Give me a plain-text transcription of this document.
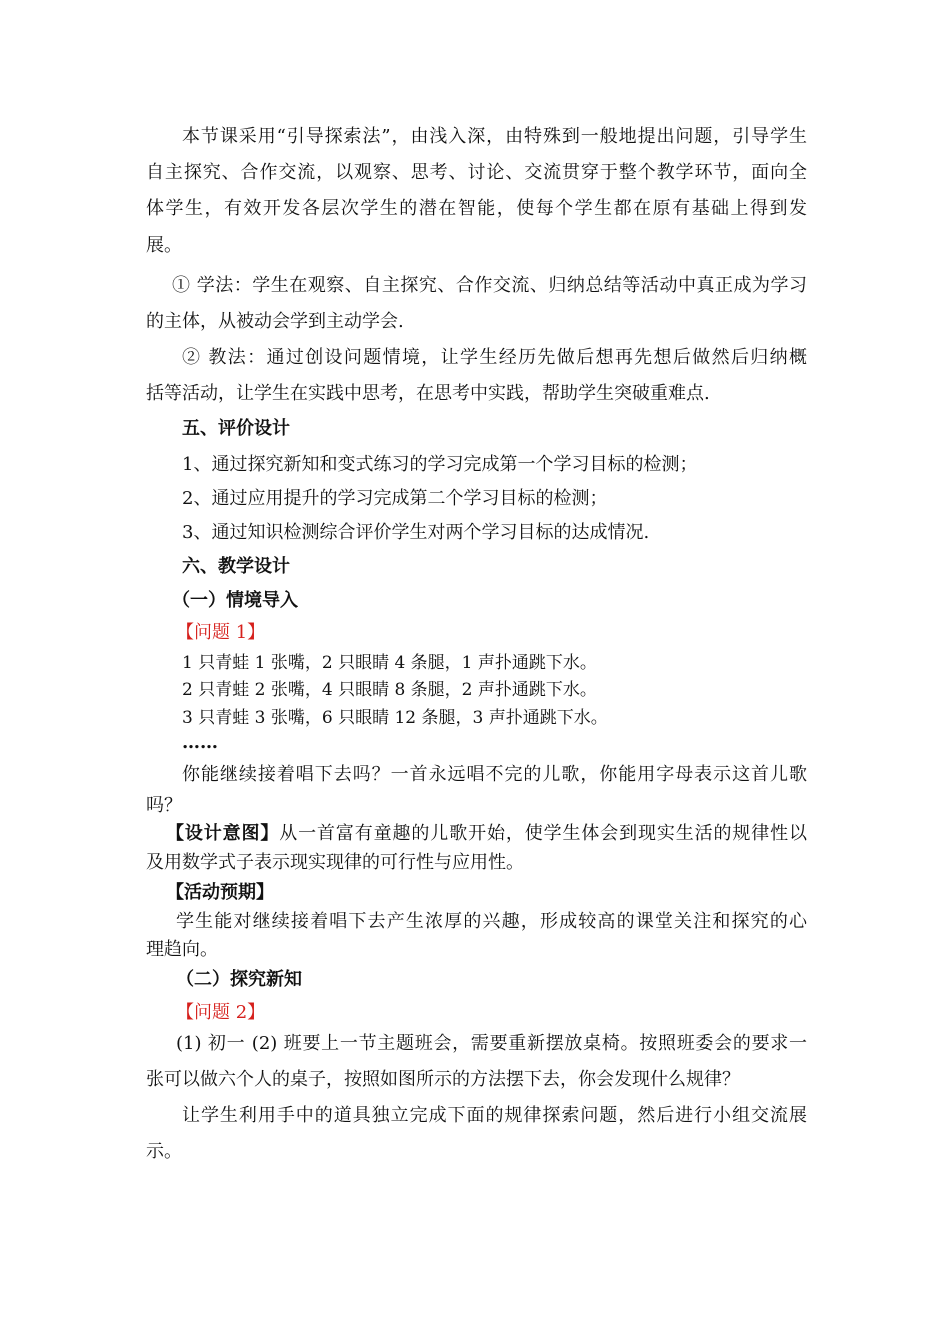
本节课采用“引导探索法”，由浅入深，由特殊到一般地提出问题，引导学生
自主探究、合作交流，以观察、思考、讨论、交流贯穿于整个教学环节，面向全
体学生，有效开发各层次学生的潜在智能，使每个学生都在原有基础上得到发
展。
① 学法：学生在观察、自主探究、合作交流、归纳总结等活动中真正成为学习
的主体，从被动会学到主动学会.
② 教法：通过创设问题情境，让学生经历先做后想再先想后做然后归纳概
括等活动，让学生在实践中思考，在思考中实践，帮助学生突破重难点.
五、评价设计
1、通过探究新知和变式练习的学习完成第一个学习目标的检测；
2、通过应用提升的学习完成第二个学习目标的检测；
3、通过知识检测综合评价学生对两个学习目标的达成情况.
六、教学设计
（一）情境导入
【问题 1】
1 只青蛙 1 张嘴，2 只眼睛 4 条腿，1 声扑通跳下水。
2 只青蛙 2 张嘴，4 只眼睛 8 条腿，2 声扑通跳下水。
3 只青蛙 3 张嘴，6 只眼睛 12 条腿，3 声扑通跳下水。
……
你能继续接着唱下去吗？一首永远唱不完的儿歌，你能用字母表示这首儿歌
吗？
【设计意图】从一首富有童趣的儿歌开始，使学生体会到现实生活的规律性以
及用数学式子表示现实现律的可行性与应用性。
【活动预期】
学生能对继续接着唱下去产生浓厚的兴趣，形成较高的课堂关注和探究的心
理趋向。
（二）探究新知
【问题 2】
(1) 初一 (2) 班要上一节主题班会，需要重新摆放桌椅。按照班委会的要求一
张可以做六个人的桌子，按照如图所示的方法摆下去，你会发现什么规律？
让学生利用手中的道具独立完成下面的规律探索问题，然后进行小组交流展
示。
